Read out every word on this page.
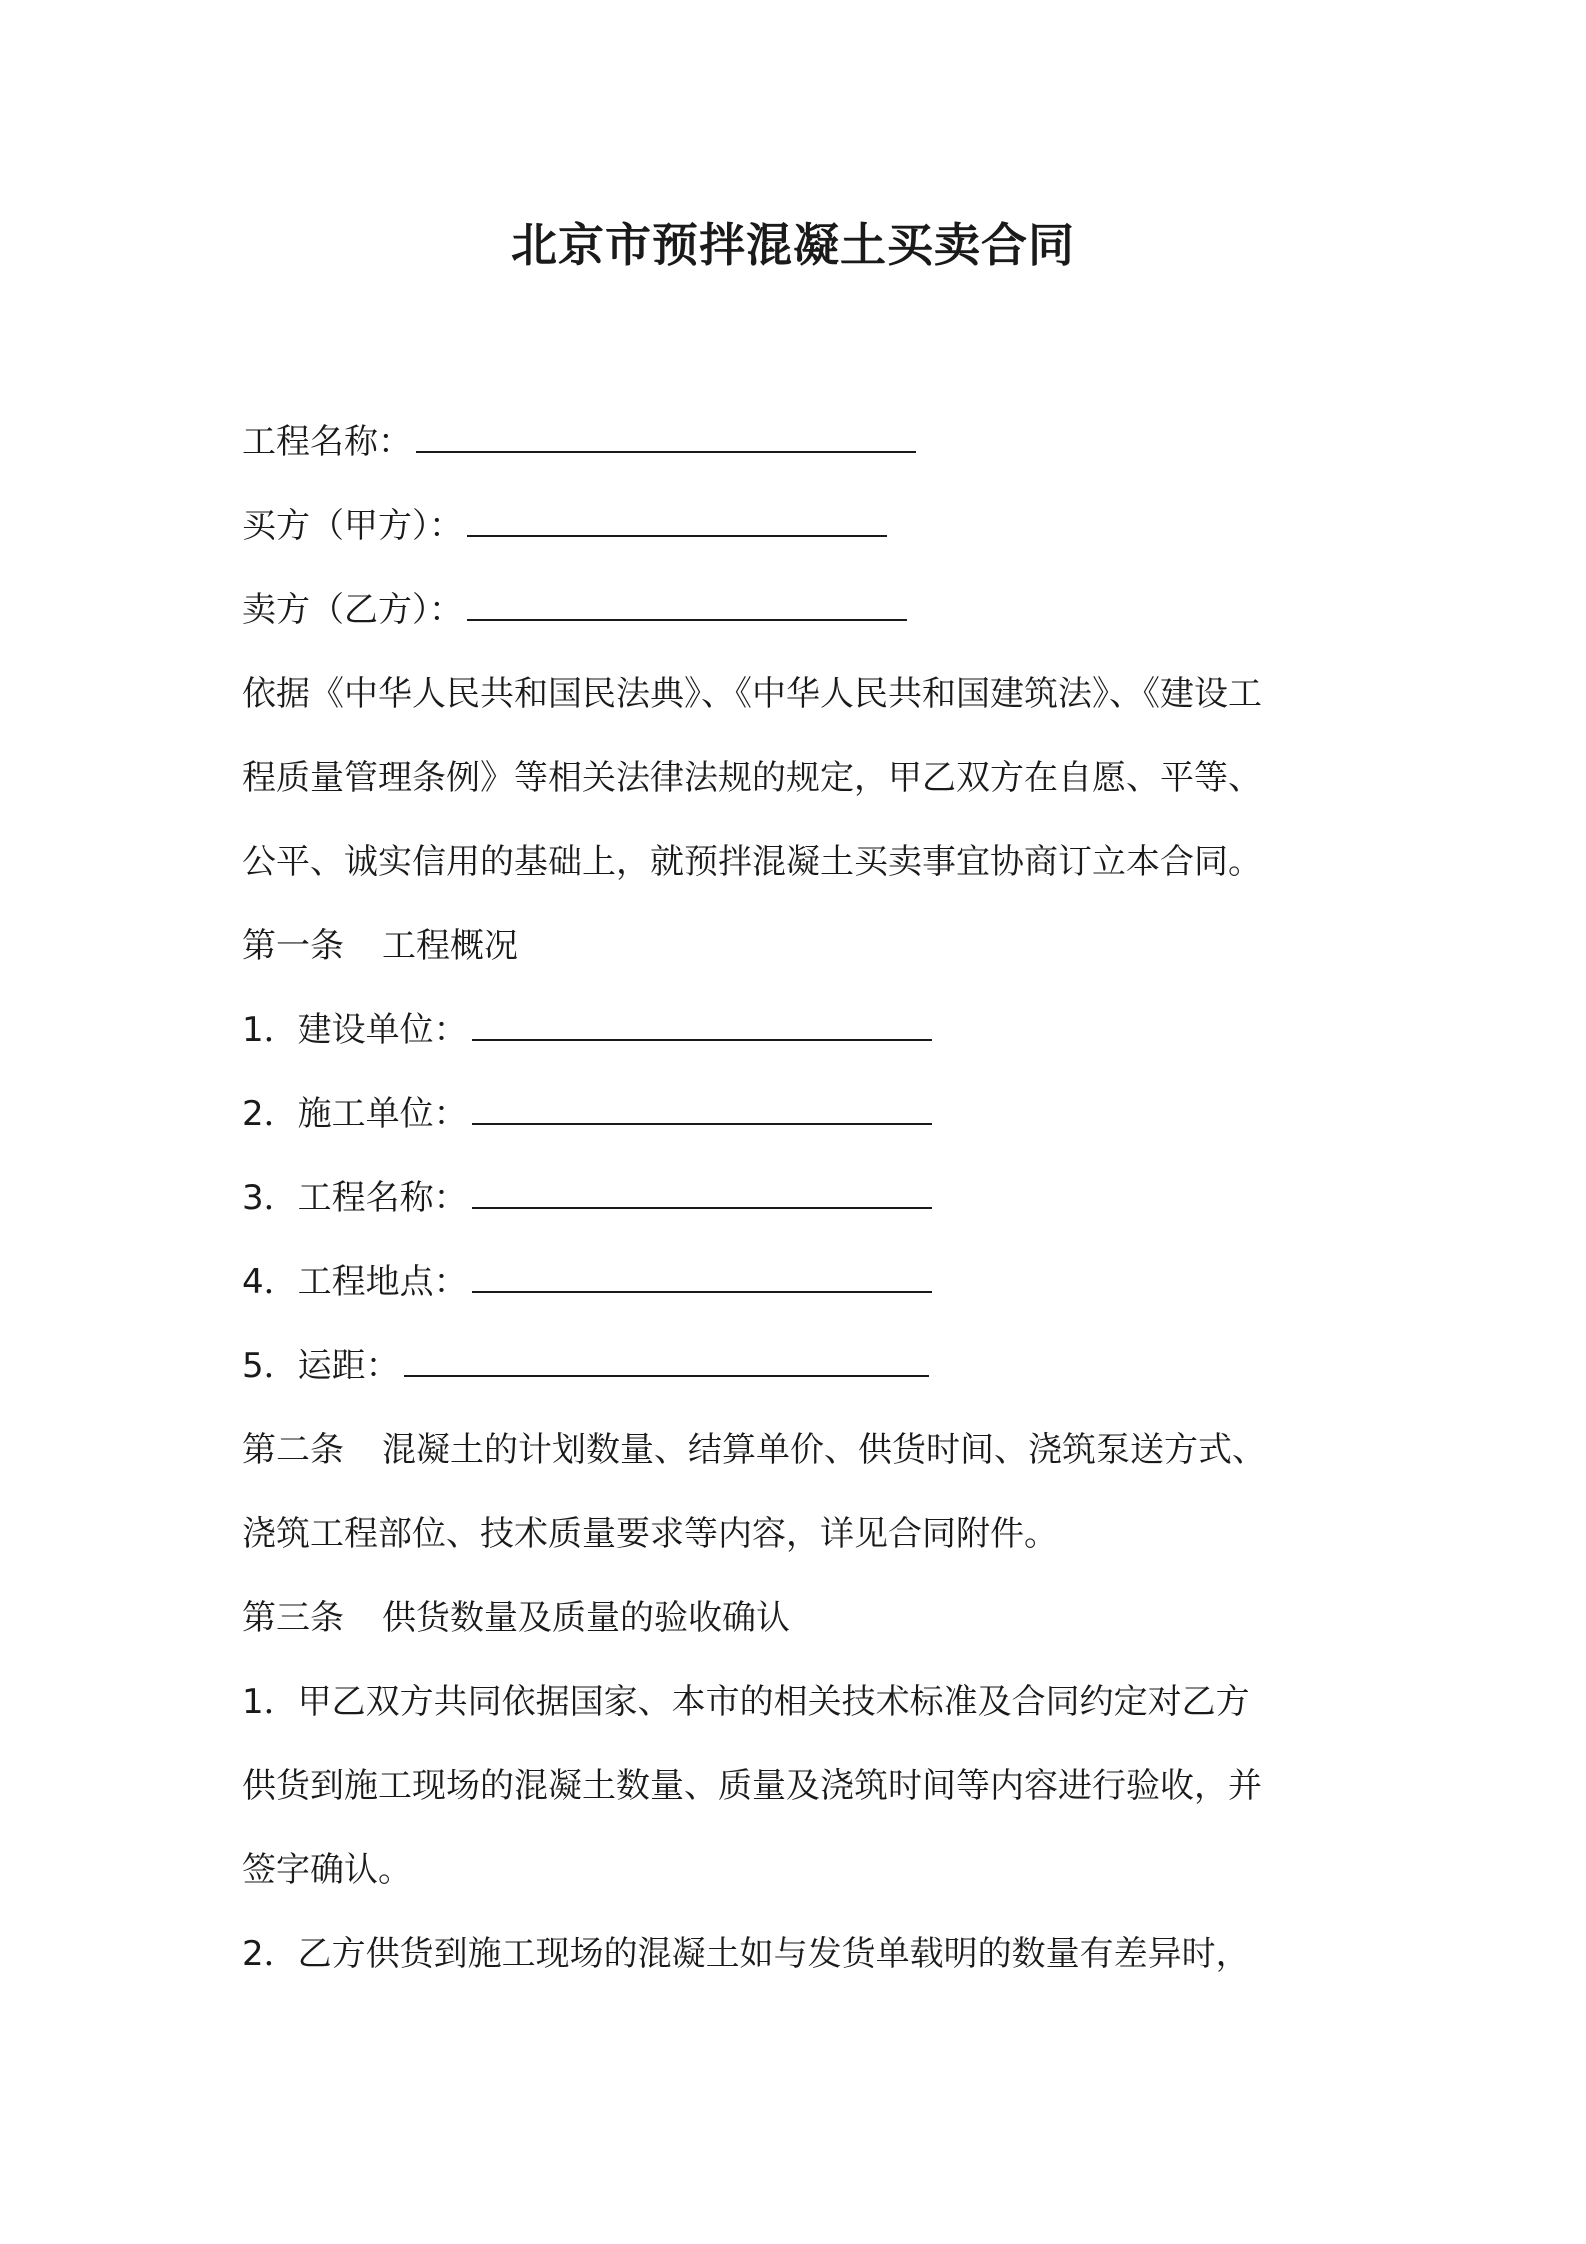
北京市预拌混凝土买卖合同
工程名称：
买方（甲方）：
卖方（乙方）：
依据《中华人民共和国民法典》、《中华人民共和国建筑法》、《建设工
程质量管理条例》等相关法律法规的规定，甲乙双方在自愿、平等、
公平、诚实信用的基础上，就预拌混凝土买卖事宜协商订立本合同。
第一条 工程概况
1．建设单位：
2．施工单位：
3．工程名称：
4．工程地点：
5．运距：
第二条 混凝土的计划数量、结算单价、供货时间、浇筑泵送方式、
浇筑工程部位、技术质量要求等内容，详见合同附件。
第三条 供货数量及质量的验收确认
1．甲乙双方共同依据国家、本市的相关技术标准及合同约定对乙方
供货到施工现场的混凝土数量、质量及浇筑时间等内容进行验收，并
签字确认。
2．乙方供货到施工现场的混凝土如与发货单载明的数量有差异时，
